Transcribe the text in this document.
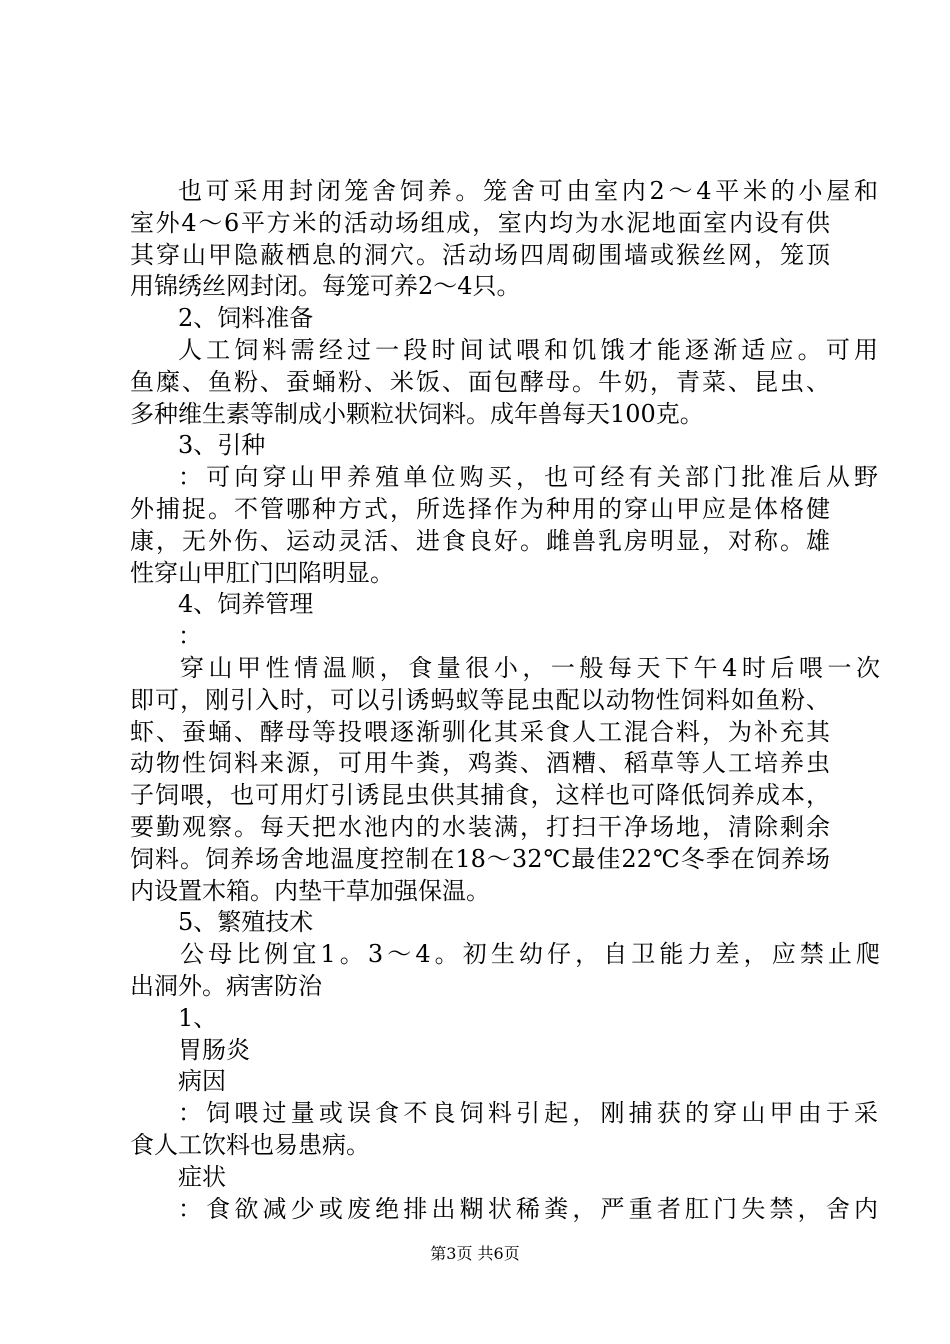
也可采用封闭笼舍饲养。笼舍可由室内2～4平米的小屋和
室外4～6平方米的活动场组成，室内均为水泥地面室内设有供
其穿山甲隐蔽栖息的洞穴。活动场四周砌围墙或猴丝网，笼顶
用锦绣丝网封闭。每笼可养2～4只。
2、饲料准备
人工饲料需经过一段时间试喂和饥饿才能逐渐适应。可用
鱼糜、鱼粉、蚕蛹粉、米饭、面包酵母。牛奶，青菜、昆虫、
多种维生素等制成小颗粒状饲料。成年兽每天100克。
3、引种
：可向穿山甲养殖单位购买，也可经有关部门批准后从野
外捕捉。不管哪种方式，所选择作为种用的穿山甲应是体格健
康，无外伤、运动灵活、进食良好。雌兽乳房明显，对称。雄
性穿山甲肛门凹陷明显。
4、饲养管理
：
穿山甲性情温顺，食量很小，一般每天下午4时后喂一次
即可，刚引入时，可以引诱蚂蚁等昆虫配以动物性饲料如鱼粉、
虾、蚕蛹、酵母等投喂逐渐驯化其采食人工混合料，为补充其
动物性饲料来源，可用牛粪，鸡粪、酒糟、稻草等人工培养虫
子饲喂，也可用灯引诱昆虫供其捕食，这样也可降低饲养成本，
要勤观察。每天把水池内的水装满，打扫干净场地，清除剩余
饲料。饲养场舍地温度控制在18～32℃最佳22℃冬季在饲养场
内设置木箱。内垫干草加强保温。
5、繁殖技术
公母比例宜1。3～4。初生幼仔，自卫能力差，应禁止爬
出洞外。病害防治
1、
胃肠炎
病因
：饲喂过量或误食不良饲料引起，刚捕获的穿山甲由于采
食人工饮料也易患病。
症状
：食欲减少或废绝排出糊状稀粪，严重者肛门失禁，舍内
第3页 共6页
